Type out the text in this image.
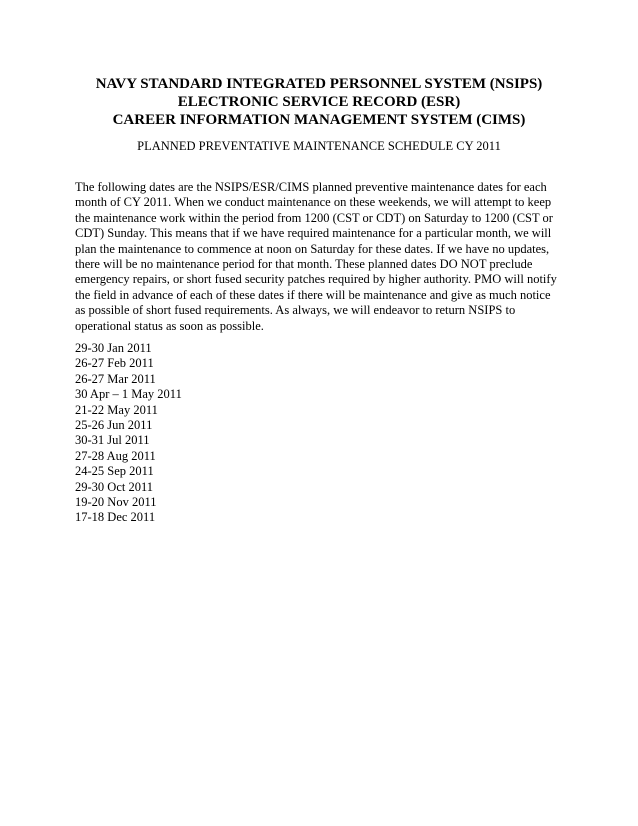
NAVY STANDARD INTEGRATED PERSONNEL SYSTEM (NSIPS)
ELECTRONIC SERVICE RECORD (ESR)
CAREER INFORMATION MANAGEMENT SYSTEM (CIMS)
PLANNED PREVENTATIVE MAINTENANCE SCHEDULE CY 2011
The following dates are the NSIPS/ESR/CIMS planned preventive maintenance dates for each
month of CY 2011. When we conduct maintenance on these weekends, we will attempt to keep
the maintenance work within the period from 1200 (CST or CDT) on Saturday to 1200 (CST or
CDT) Sunday. This means that if we have required maintenance for a particular month, we will
plan the maintenance to commence at noon on Saturday for these dates. If we have no updates,
there will be no maintenance period for that month. These planned dates DO NOT preclude
emergency repairs, or short fused security patches required by higher authority. PMO will notify
the field in advance of each of these dates if there will be maintenance and give as much notice
as possible of short fused requirements. As always, we will endeavor to return NSIPS to
operational status as soon as possible.
29-30 Jan 2011
26-27 Feb 2011
26-27 Mar 2011
30 Apr – 1 May 2011
21-22 May 2011
25-26 Jun 2011
30-31 Jul 2011
27-28 Aug 2011
24-25 Sep 2011
29-30 Oct 2011
19-20 Nov 2011
17-18 Dec 2011
